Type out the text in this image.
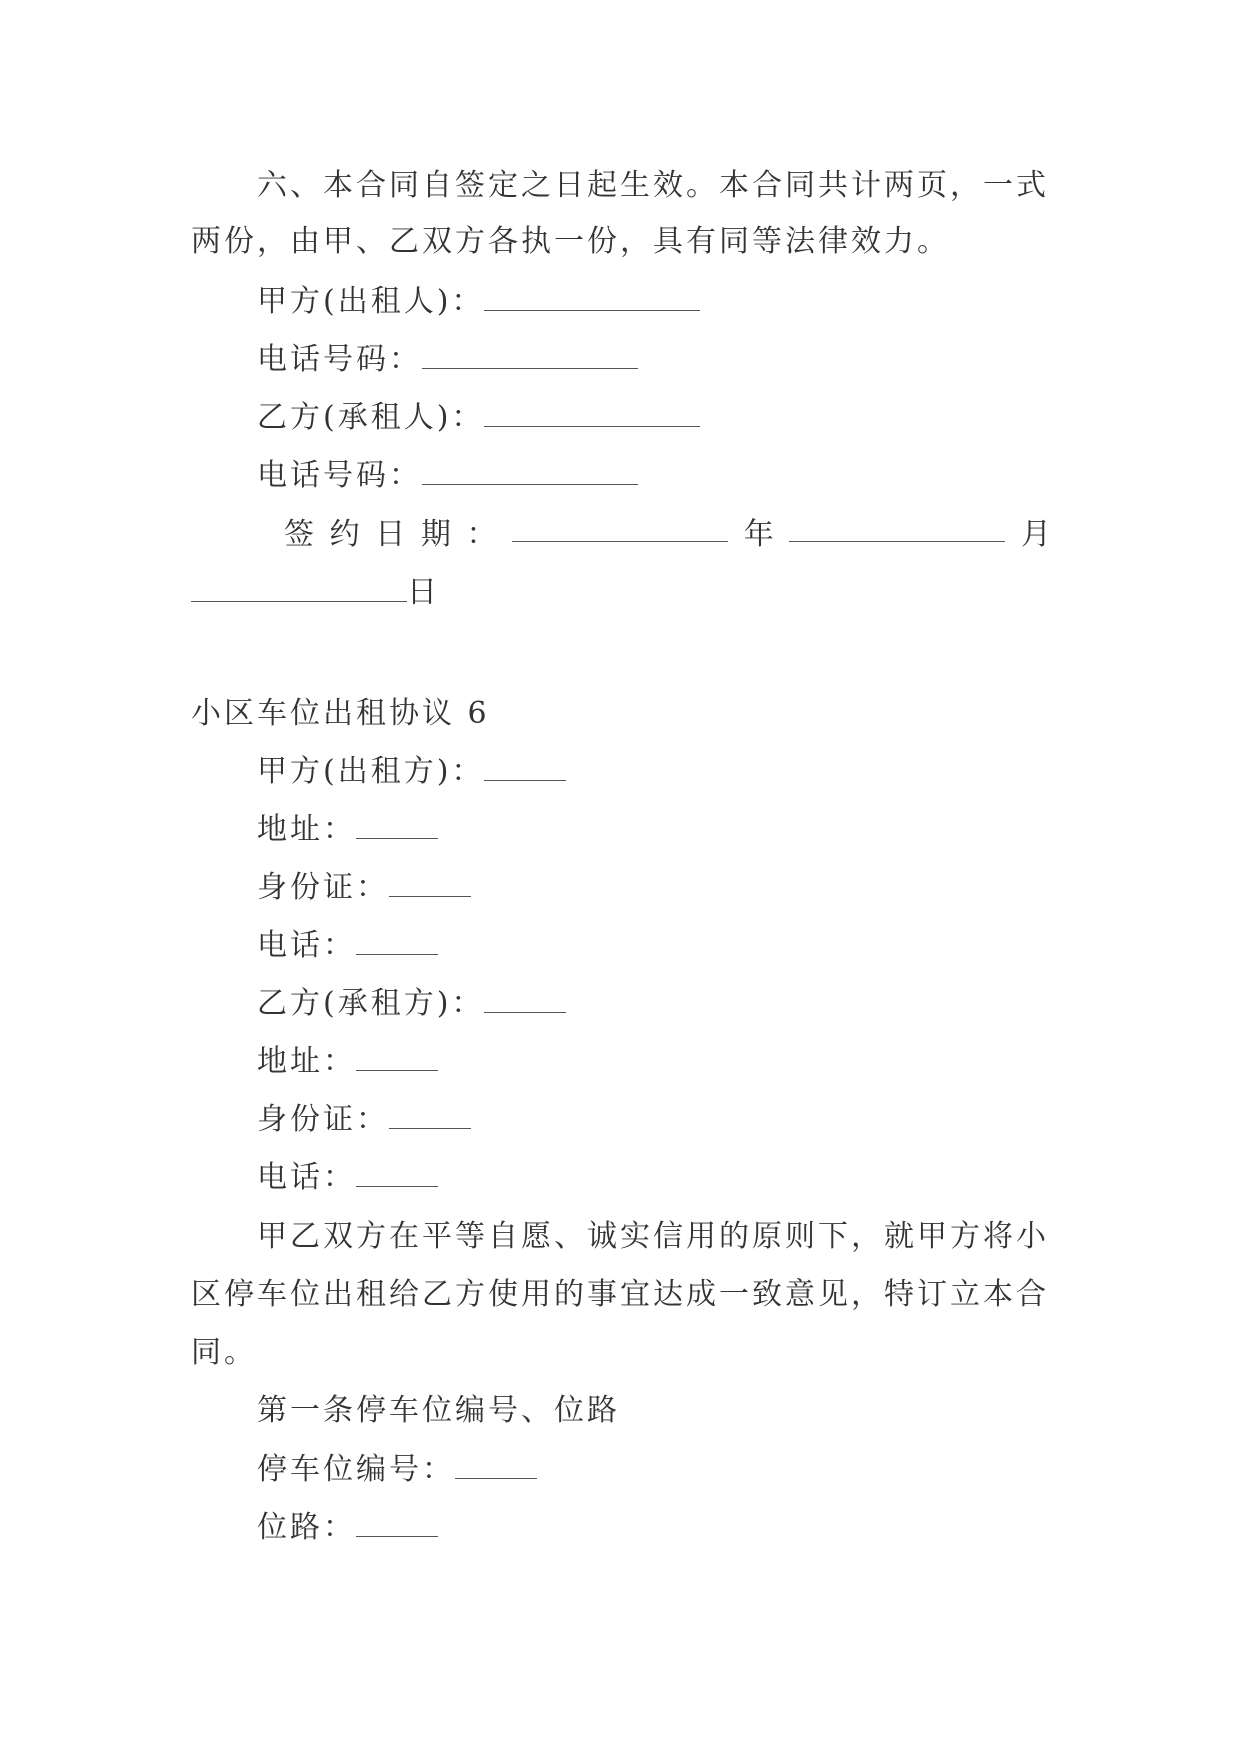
六、本合同自签定之日起生效。本合同共计两页，一式
两份，由甲、乙双方各执一份，具有同等法律效力。
甲方(出租人)：
电话号码：
乙方(承租人)：
电话号码：
签 约 日 期 ：	年	月
日
小区车位出租协议 6
甲方(出租方)：
地址：
身份证：
电话：
乙方(承租方)：
地址：
身份证：
电话：
甲乙双方在平等自愿、诚实信用的原则下，就甲方将小
区停车位出租给乙方使用的事宜达成一致意见，特订立本合
同。
第一条停车位编号、位路
停车位编号：
位路：
